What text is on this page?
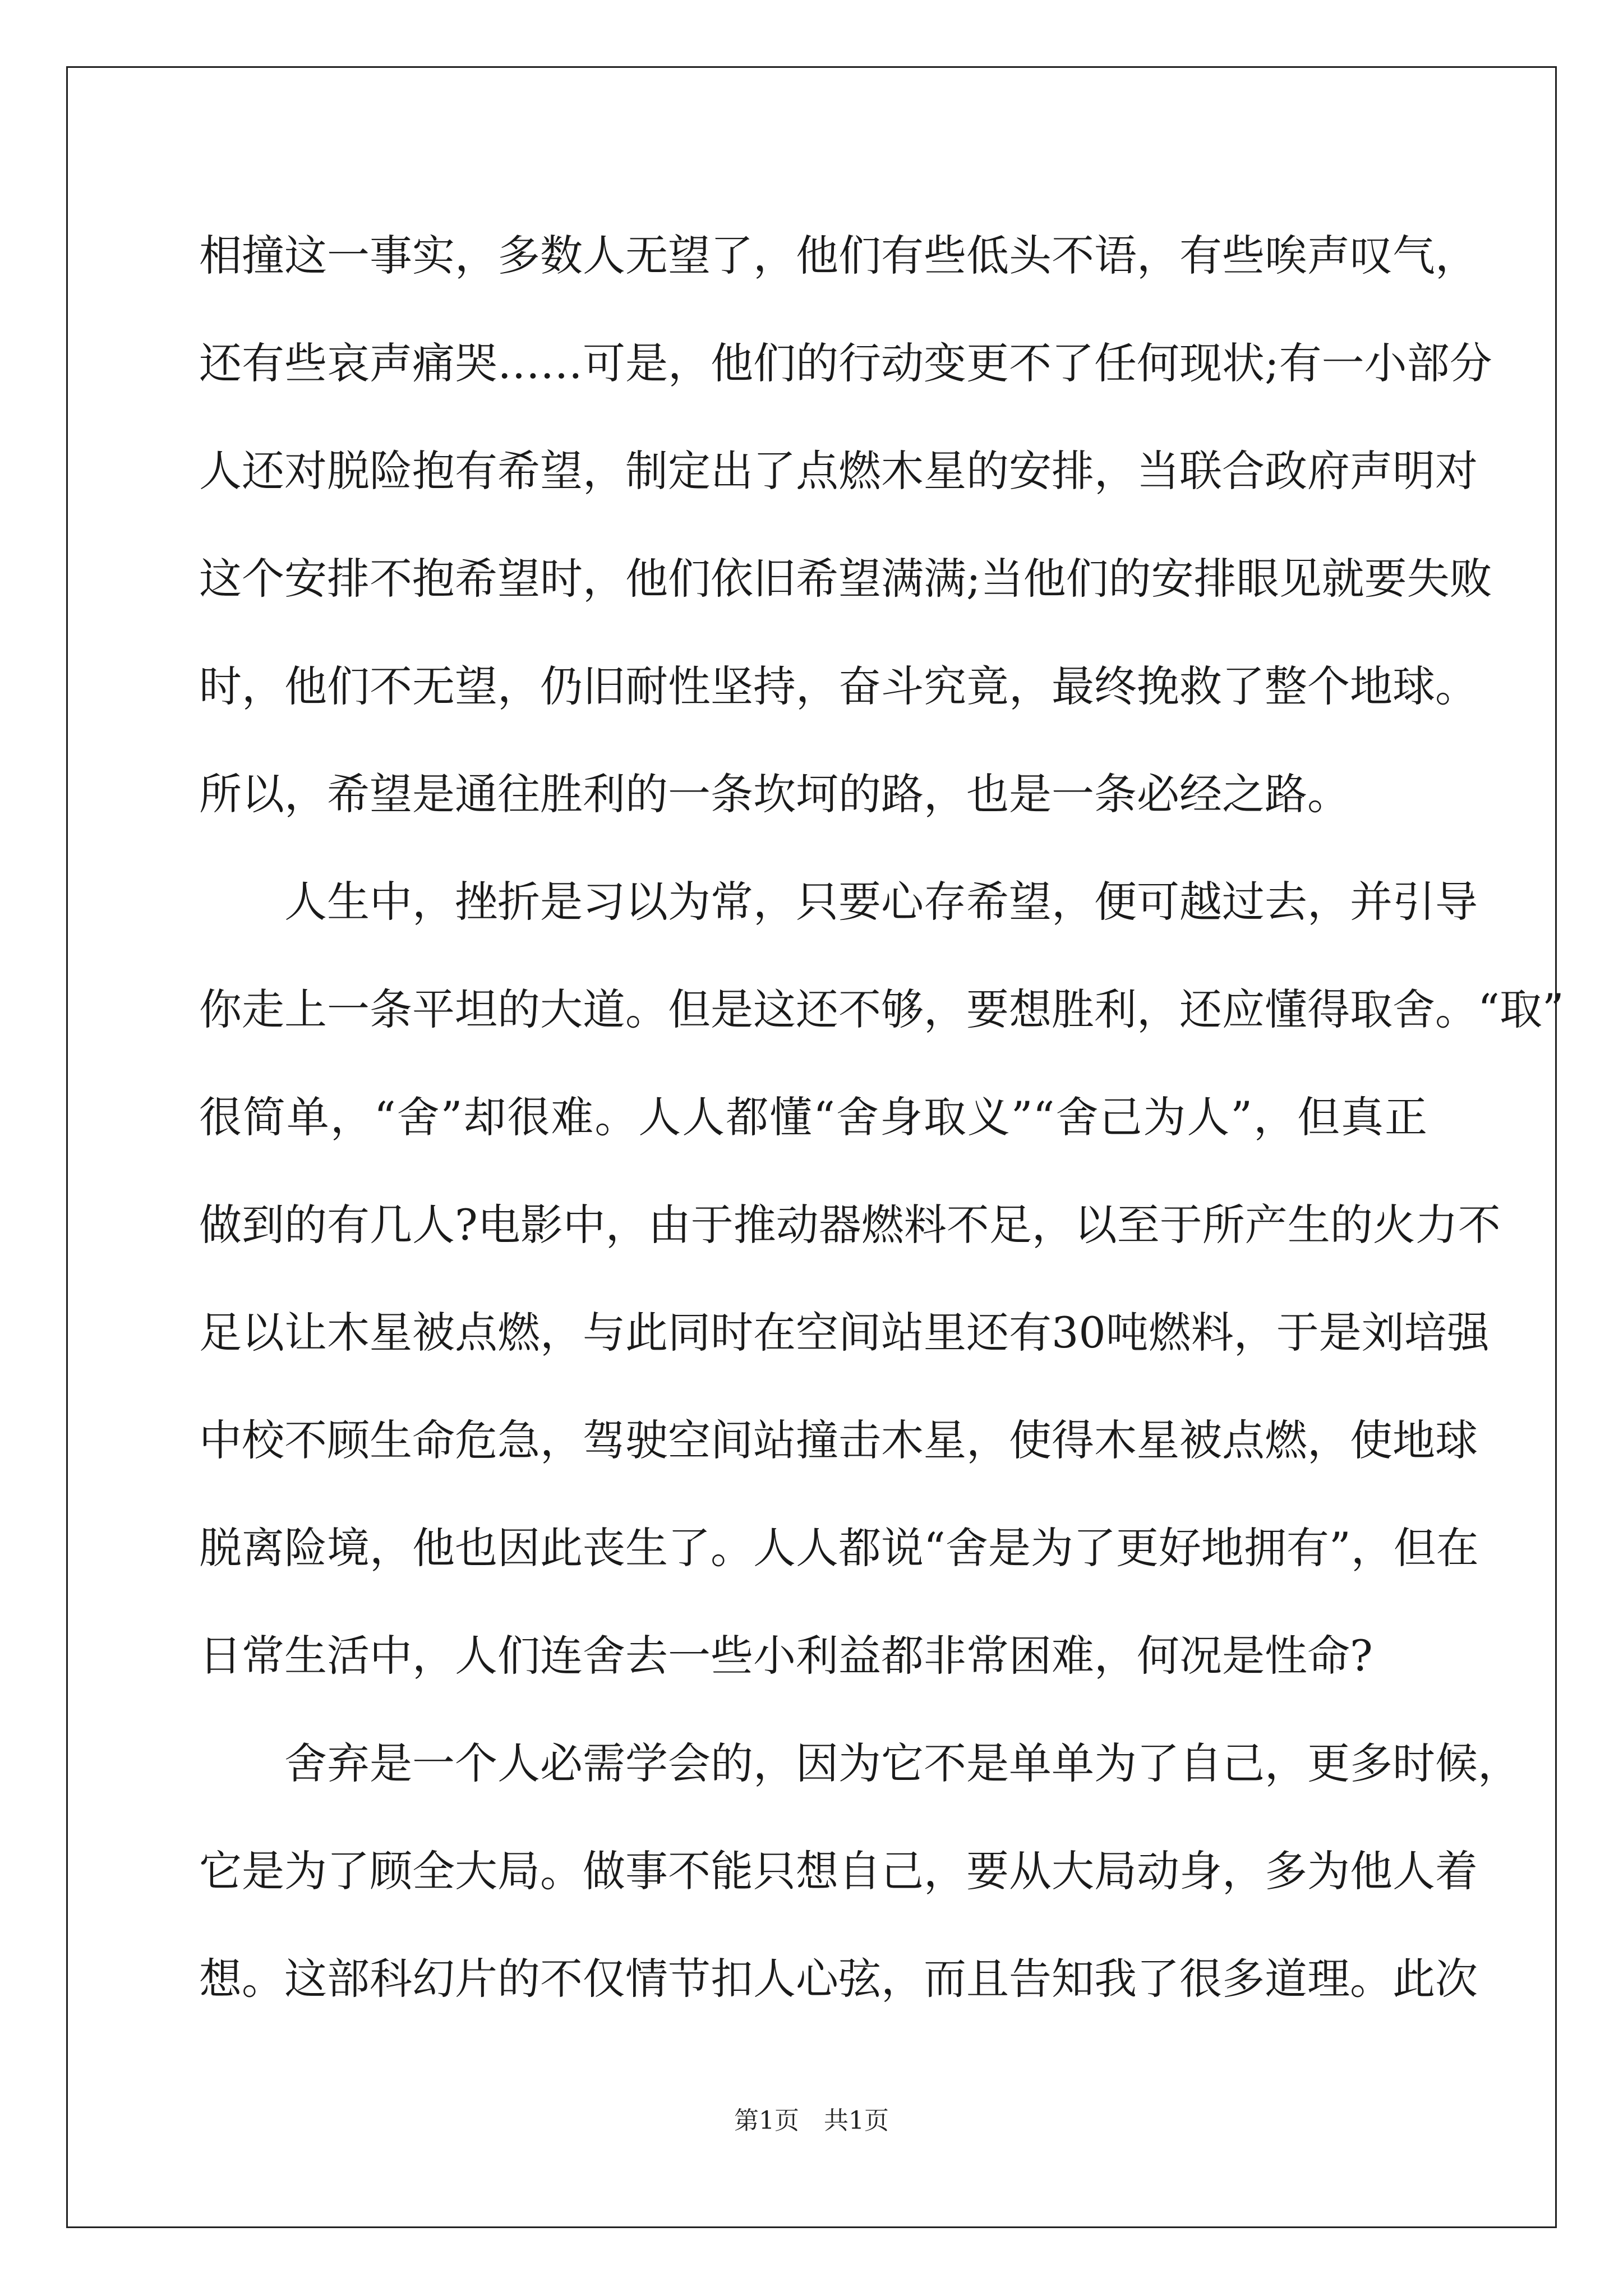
相撞这一事实，多数人无望了，他们有些低头不语，有些唉声叹气，
还有些哀声痛哭……可是，他们的行动变更不了任何现状;有一小部分
人还对脱险抱有希望，制定出了点燃木星的安排，当联合政府声明对
这个安排不抱希望时，他们依旧希望满满;当他们的安排眼见就要失败
时，他们不无望，仍旧耐性坚持，奋斗究竟，最终挽救了整个地球。
所以，希望是通往胜利的一条坎坷的路，也是一条必经之路。
人生中，挫折是习以为常，只要心存希望，便可越过去，并引导
你走上一条平坦的大道。但是这还不够，要想胜利，还应懂得取舍。“取”
很简单，“舍”却很难。人人都懂“舍身取义”“舍己为人”，但真正
做到的有几人?电影中，由于推动器燃料不足，以至于所产生的火力不
足以让木星被点燃，与此同时在空间站里还有30吨燃料，于是刘培强
中校不顾生命危急，驾驶空间站撞击木星，使得木星被点燃，使地球
脱离险境，他也因此丧生了。人人都说“舍是为了更好地拥有”，但在
日常生活中，人们连舍去一些小利益都非常困难，何况是性命?
舍弃是一个人必需学会的，因为它不是单单为了自己，更多时候，
它是为了顾全大局。做事不能只想自己，要从大局动身，多为他人着
想。这部科幻片的不仅情节扣人心弦，而且告知我了很多道理。此次
第1页　共1页
